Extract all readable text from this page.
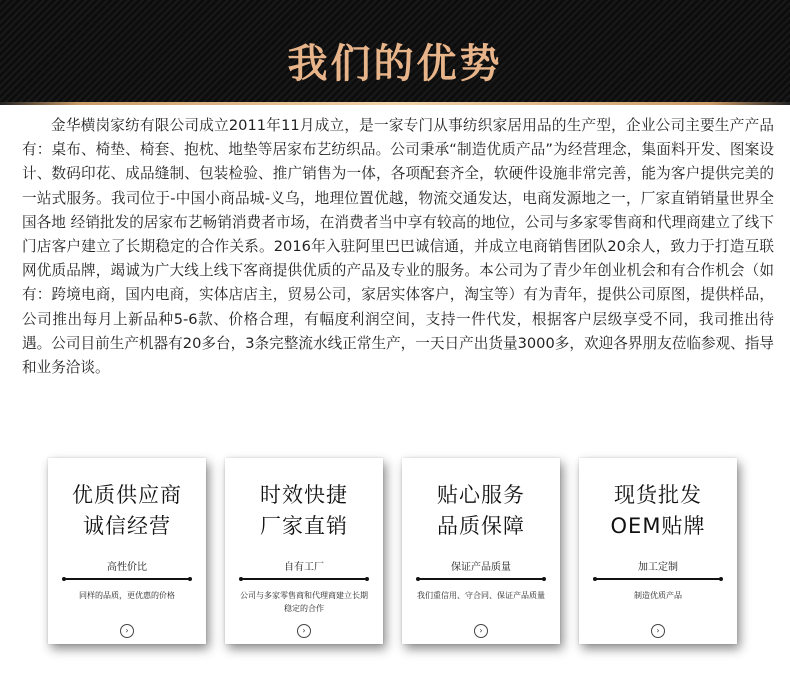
我们的优势

金华横岗家纺有限公司成立2011年11月成立，是一家专门从事纺织家居用品的生产型，企业公司主要生产产品有：桌布、椅垫、椅套、抱枕、地垫等居家布艺纺织品。公司秉承“制造优质产品”为经营理念，集面料开发、图案设计、数码印花、成品缝制、包装检验、推广销售为一体，各项配套齐全，软硬件设施非常完善，能为客户提供完美的一站式服务。我司位于-中国小商品城-义乌，地理位置优越，物流交通发达，电商发源地之一，厂家直销销量世界全国各地 经销批发的居家布艺畅销消费者市场，在消费者当中享有较高的地位，公司与多家零售商和代理商建立了线下门店客户建立了长期稳定的合作关系。2016年入驻阿里巴巴诚信通，并成立电商销售团队20余人，致力于打造互联网优质品牌，竭诚为广大线上线下客商提供优质的产品及专业的服务。本公司为了青少年创业机会和有合作机会（如有：跨境电商，国内电商，实体店店主，贸易公司，家居实体客户，淘宝等）有为青年，提供公司原图，提供样品，公司推出每月上新品种5-6款、价格合理，有幅度利润空间，支持一件代发，根据客户层级享受不同，我司推出待遇。公司目前生产机器有20多台，3条完整流水线正常生产，一天日产出货量3000多，欢迎各界朋友莅临参观、指导和业务洽谈。

优质供应商
诚信经营
高性价比
同样的品质，更优惠的价格
›
时效快捷
厂家直销
自有工厂
公司与多家零售商和代理商建立长期稳定的合作
›
贴心服务
品质保障
保证产品质量
我们重信用、守合同、保证产品质量
›
现货批发
OEM贴牌
加工定制
制造优质产品
›
